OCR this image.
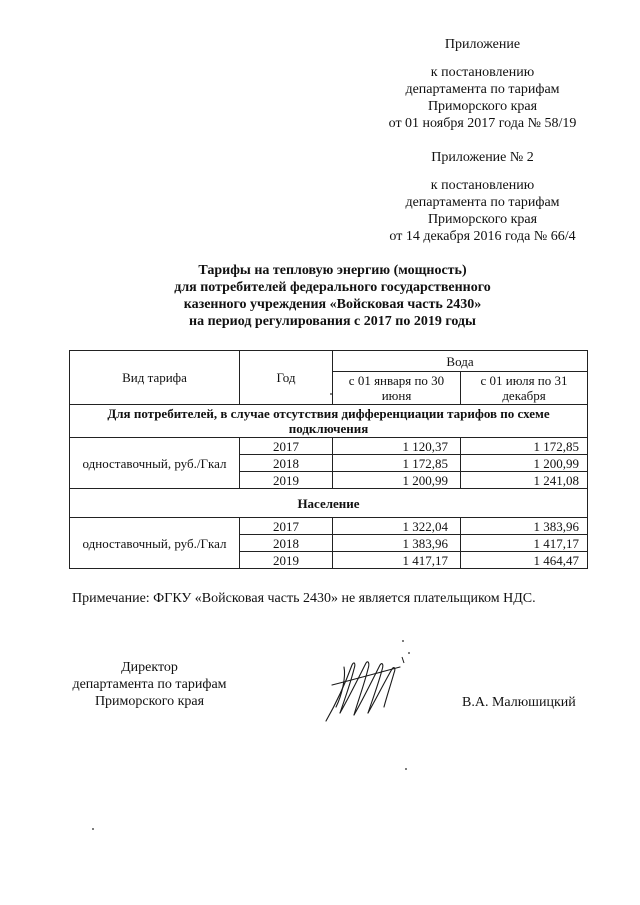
Приложение
к постановлению
департамента по тарифам
Приморского края
от 01 ноября 2017 года № 58/19
Приложение № 2
к постановлению
департамента по тарифам
Приморского края
от 14 декабря 2016 года № 66/4
Тарифы на тепловую энергию (мощность)
для потребителей федерального государственного
казенного учреждения «Войсковая часть 2430»
на период регулирования с 2017 по 2019 годы
Вид тарифа	Год	Вода	
		с 01 января по 30 июня	с 01 июля по 31 декабря
Для потребителей, в случае отсутствия дифференциации тарифов по схеме подключения			
одноставочный, руб./Гкал	2017	1 120,37	1 172,85
	2018	1 172,85	1 200,99
	2019	1 200,99	1 241,08
Население			
одноставочный, руб./Гкал	2017	1 322,04	1 383,96
	2018	1 383,96	1 417,17
	2019	1 417,17	1 464,47
Примечание: ФГКУ «Войсковая часть 2430» не является плательщиком НДС.
Директор
департамента по тарифам
Приморского края	В.А. Малюшицкий
